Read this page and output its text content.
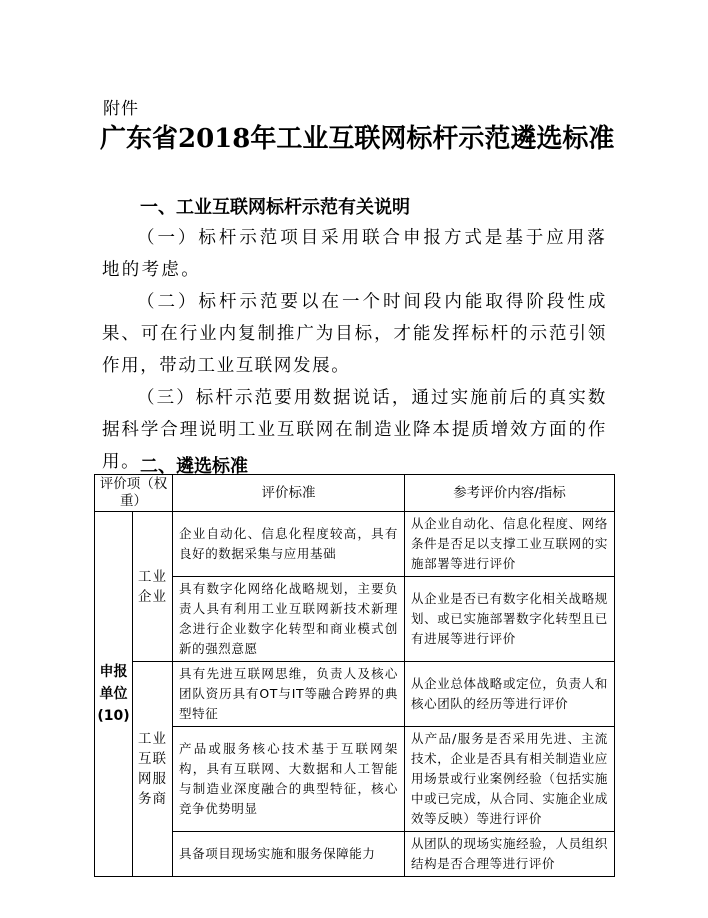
附件
广东省2018年工业互联网标杆示范遴选标准
一、工业互联网标杆示范有关说明
（一）标杆示范项目采用联合申报方式是基于应用落地的考虑。
（二）标杆示范要以在一个时间段内能取得阶段性成果、可在行业内复制推广为目标，才能发挥标杆的示范引领作用，带动工业互联网发展。
（三）标杆示范要用数据说话，通过实施前后的真实数据科学合理说明工业互联网在制造业降本提质增效方面的作用。 二、遴选标准
评价项（权重）		评价标准	参考评价内容/指标
申报单位(10)	工业企业	企业自动化、信息化程度较高，具有良好的数据采集与应用基础	从企业自动化、信息化程度、网络条件是否足以支撑工业互联网的实施部署等进行评价
		具有数字化网络化战略规划，主要负责人具有利用工业互联网新技术新理念进行企业数字化转型和商业模式创新的强烈意愿	从企业是否已有数字化相关战略规划、或已实施部署数字化转型且已有进展等进行评价
	工业互联网服务商	具有先进互联网思维，负责人及核心团队资历具有OT与IT等融合跨界的典型特征	从企业总体战略或定位，负责人和核心团队的经历等进行评价
		产品或服务核心技术基于互联网架构，具有互联网、大数据和人工智能与制造业深度融合的典型特征，核心竞争优势明显	从产品/服务是否采用先进、主流技术，企业是否具有相关制造业应用场景或行业案例经验（包括实施中或已完成，从合同、实施企业成效等反映）等进行评价
		具备项目现场实施和服务保障能力	从团队的现场实施经验，人员组织结构是否合理等进行评价
